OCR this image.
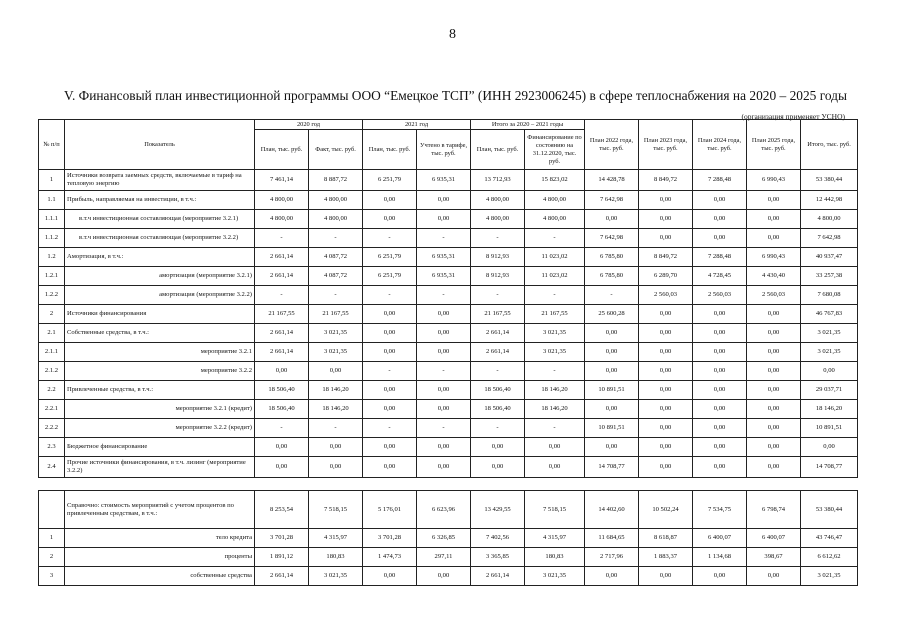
8
V. Финансовый план инвестиционной программы ООО “Емецкое ТСП” (ИНН 2923006245) в сфере теплоснабжения на 2020 – 2025 годы
(организация применяет УСНО)
№ п/п	Показатель	2020 год		2021 год		Итого за 2020 – 2021 годы		План 2022 года, тыс. руб.	План 2023 года, тыс. руб.	План 2024 года, тыс. руб.	План 2025 года, тыс. руб.	Итого, тыс. руб.
		План, тыс. руб.	Факт, тыс. руб.	План, тыс. руб.	Учтено в тарифе, тыс. руб.	План, тыс. руб.	Финансирование по состоянию на 31.12.2020, тыс. руб.					
1	Источники возврата заемных средств, включаемые в тариф на тепловую энергию	7 461,14	8 887,72	6 251,79	6 935,31	13 712,93	15 823,02	14 428,78	8 849,72	7 288,48	6 990,43	53 380,44
1.1	Прибыль, направляемая на инвестиции, в т.ч.:	4 800,00	4 800,00	0,00	0,00	4 800,00	4 800,00	7 642,98	0,00	0,00	0,00	12 442,98
1.1.1	в.т.ч инвестиционная составляющая (мероприятие 3.2.1)	4 800,00	4 800,00	0,00	0,00	4 800,00	4 800,00	0,00	0,00	0,00	0,00	4 800,00
1.1.2	в.т.ч инвестиционная составляющая (мероприятие 3.2.2)	-	-	-	-	-	-	7 642,98	0,00	0,00	0,00	7 642,98
1.2	Амортизация, в т.ч.:	2 661,14	4 087,72	6 251,79	6 935,31	8 912,93	11 023,02	6 785,80	8 849,72	7 288,48	6 990,43	40 937,47
1.2.1	амортизация (мероприятие 3.2.1)	2 661,14	4 087,72	6 251,79	6 935,31	8 912,93	11 023,02	6 785,80	6 289,70	4 728,45	4 430,40	33 257,38
1.2.2	амортизация (мероприятие 3.2.2)	-	-	-	-	-	-	-	2 560,03	2 560,03	2 560,03	7 680,08
2	Источники финансирования	21 167,55	21 167,55	0,00	0,00	21 167,55	21 167,55	25 600,28	0,00	0,00	0,00	46 767,83
2.1	Собственные средства, в т.ч.:	2 661,14	3 021,35	0,00	0,00	2 661,14	3 021,35	0,00	0,00	0,00	0,00	3 021,35
2.1.1	мероприятие 3.2.1	2 661,14	3 021,35	0,00	0,00	2 661,14	3 021,35	0,00	0,00	0,00	0,00	3 021,35
2.1.2	мероприятие 3.2.2	0,00	0,00	-	-	-	-	0,00	0,00	0,00	0,00	0,00
2.2	Привлеченные средства, в т.ч.:	18 506,40	18 146,20	0,00	0,00	18 506,40	18 146,20	10 891,51	0,00	0,00	0,00	29 037,71
2.2.1	мероприятие 3.2.1 (кредит)	18 506,40	18 146,20	0,00	0,00	18 506,40	18 146,20	0,00	0,00	0,00	0,00	18 146,20
2.2.2	мероприятие 3.2.2 (кредит)	-	-	-	-	-	-	10 891,51	0,00	0,00	0,00	10 891,51
2.3	Бюджетное финансирование	0,00	0,00	0,00	0,00	0,00	0,00	0,00	0,00	0,00	0,00	0,00
2.4	Прочие источники финансирования, в т.ч. лизинг (мероприятие 3.2.2)	0,00	0,00	0,00	0,00	0,00	0,00	14 708,77	0,00	0,00	0,00	14 708,77
	Справочно: стоимость мероприятий с учетом процентов по привлеченным средствам, в т.ч.:	8 253,54	7 518,15	5 176,01	6 623,96	13 429,55	7 518,15	14 402,60	10 502,24	7 534,75	6 798,74	53 380,44
1	тело кредита	3 701,28	4 315,97	3 701,28	6 326,85	7 402,56	4 315,97	11 684,65	8 618,87	6 400,07	6 400,07	43 746,47
2	проценты	1 891,12	180,83	1 474,73	297,11	3 365,85	180,83	2 717,96	1 883,37	1 134,68	398,67	6 612,62
3	собственные средства	2 661,14	3 021,35	0,00	0,00	2 661,14	3 021,35	0,00	0,00	0,00	0,00	3 021,35
